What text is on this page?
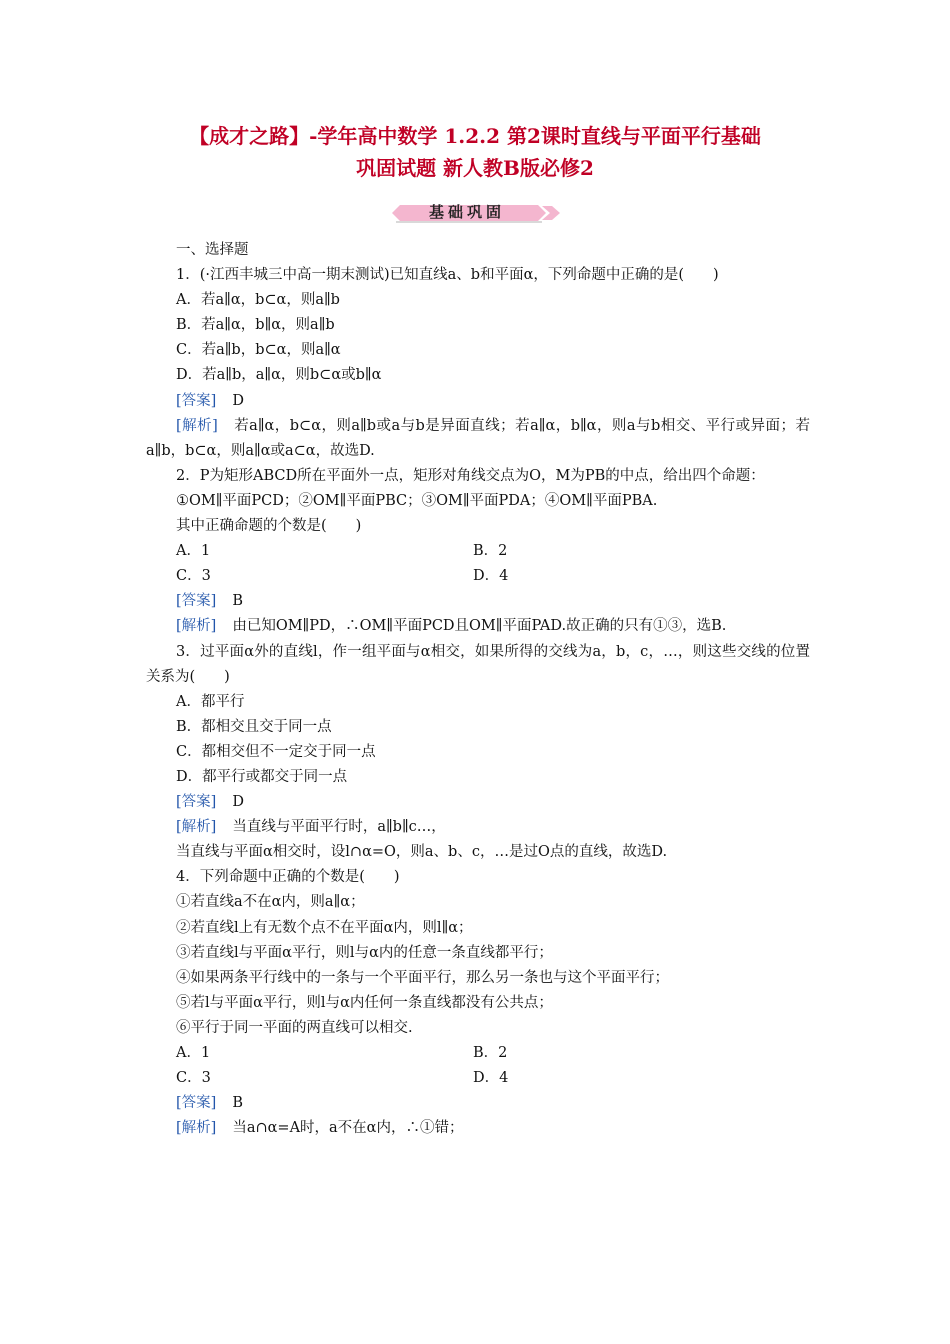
【成才之路】-学年高中数学 1.2.2 第2课时直线与平面平行基础
巩固试题 新人教B版必修2
基础巩固
一、选择题
1．(·江西丰城三中高一期末测试)已知直线a、b和平面α，下列命题中正确的是(　　)
A．若a∥α，b⊂α，则a∥b
B．若a∥α，b∥α，则a∥b
C．若a∥b，b⊂α，则a∥α
D．若a∥b，a∥α，则b⊂α或b∥α
[答案] D
[解析] 若a∥α，b⊂α，则a∥b或a与b是异面直线；若a∥α，b∥α，则a与b相交、平行或异面；若a∥b，b⊂α，则a∥α或a⊂α，故选D.
2．P为矩形ABCD所在平面外一点，矩形对角线交点为O，M为PB的中点，给出四个命题：
①OM∥平面PCD；②OM∥平面PBC；③OM∥平面PDA；④OM∥平面PBA.
其中正确命题的个数是(　　)
A．1	B．2
C．3	D．4
[答案] B
[解析] 由已知OM∥PD，∴OM∥平面PCD且OM∥平面PAD.故正确的只有①③，选B.
3．过平面α外的直线l，作一组平面与α相交，如果所得的交线为a，b，c，…，则这些交线的位置关系为(　　)
A．都平行
B．都相交且交于同一点
C．都相交但不一定交于同一点
D．都平行或都交于同一点
[答案] D
[解析] 当直线与平面平行时，a∥b∥c…，
当直线与平面α相交时，设l∩α=O，则a、b、c，…是过O点的直线，故选D.
4．下列命题中正确的个数是(　　)
①若直线a不在α内，则a∥α；
②若直线l上有无数个点不在平面α内，则l∥α；
③若直线l与平面α平行，则l与α内的任意一条直线都平行；
④如果两条平行线中的一条与一个平面平行，那么另一条也与这个平面平行；
⑤若l与平面α平行，则l与α内任何一条直线都没有公共点；
⑥平行于同一平面的两直线可以相交.
A．1	B．2
C．3	D．4
[答案] B
[解析] 当a∩α=A时，a不在α内，∴①错；
